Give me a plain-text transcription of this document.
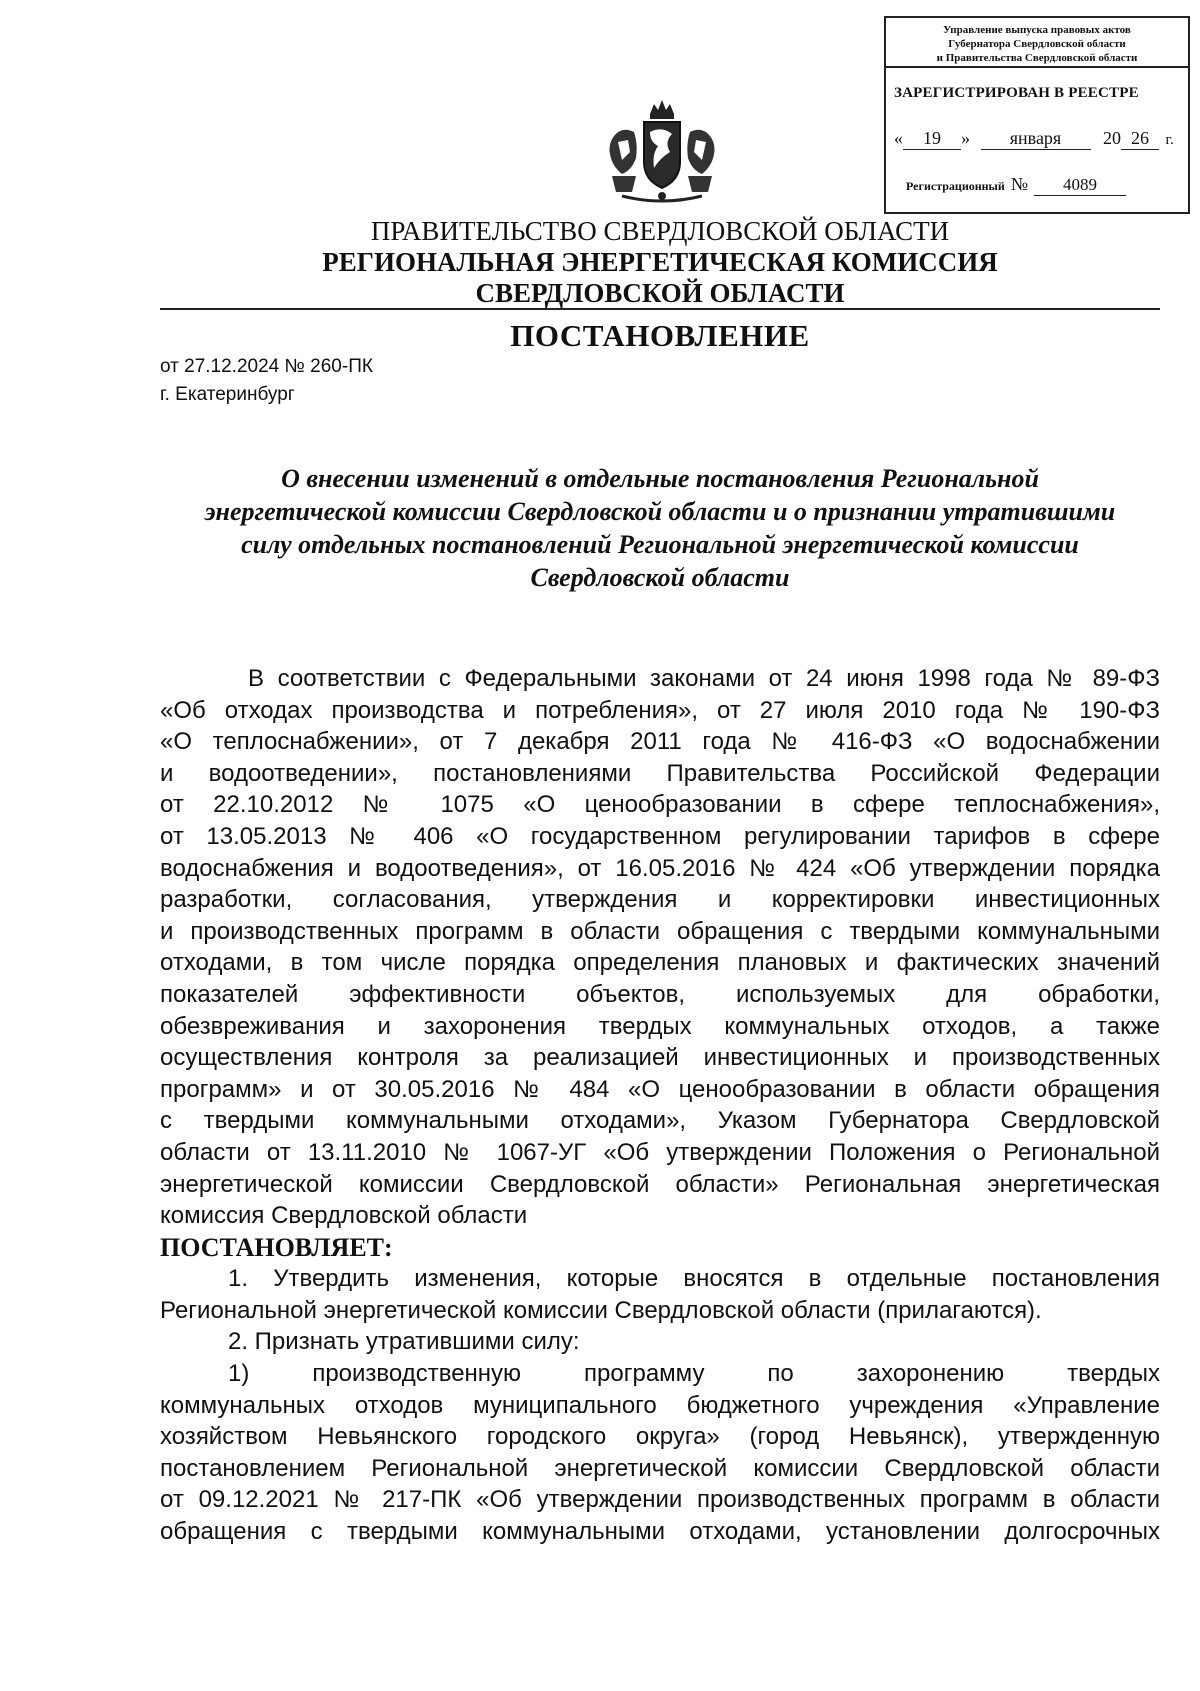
Управление выпуска правовых актов
Губернатора Свердловской области
и Правительства Свердловской области
ЗАРЕГИСТРИРОВАН В РЕЕСТРЕ
« 19 » января 20 26 г.
Регистрационный № 4089
ПРАВИТЕЛЬСТВО СВЕРДЛОВСКОЙ ОБЛАСТИ
РЕГИОНАЛЬНАЯ ЭНЕРГЕТИЧЕСКАЯ КОМИССИЯ
СВЕРДЛОВСКОЙ ОБЛАСТИ
ПОСТАНОВЛЕНИЕ
от 27.12.2024 № 260-ПК
г. Екатеринбург
О внесении изменений в отдельные постановления Региональной
энергетической комиссии Свердловской области и о признании утратившими
силу отдельных постановлений Региональной энергетической комиссии
Свердловской области
В соответствии с Федеральными законами от 24 июня 1998 года № 89-ФЗ
«Об отходах производства и потребления», от 27 июля 2010 года № 190-ФЗ
«О теплоснабжении», от 7 декабря 2011 года № 416-ФЗ «О водоснабжении
и водоотведении», постановлениями Правительства Российской Федерации
от 22.10.2012 № 1075 «О ценообразовании в сфере теплоснабжения»,
от 13.05.2013 № 406 «О государственном регулировании тарифов в сфере
водоснабжения и водоотведения», от 16.05.2016 № 424 «Об утверждении порядка
разработки, согласования, утверждения и корректировки инвестиционных
и производственных программ в области обращения с твердыми коммунальными
отходами, в том числе порядка определения плановых и фактических значений
показателей эффективности объектов, используемых для обработки,
обезвреживания и захоронения твердых коммунальных отходов, а также
осуществления контроля за реализацией инвестиционных и производственных
программ» и от 30.05.2016 № 484 «О ценообразовании в области обращения
с твердыми коммунальными отходами», Указом Губернатора Свердловской
области от 13.11.2010 № 1067-УГ «Об утверждении Положения о Региональной
энергетической комиссии Свердловской области» Региональная энергетическая
комиссия Свердловской области
ПОСТАНОВЛЯЕТ:
1. Утвердить изменения, которые вносятся в отдельные постановления
Региональной энергетической комиссии Свердловской области (прилагаются).
2. Признать утратившими силу:
1) производственную программу по захоронению твердых
коммунальных отходов муниципального бюджетного учреждения «Управление
хозяйством Невьянского городского округа» (город Невьянск), утвержденную
постановлением Региональной энергетической комиссии Свердловской области
от 09.12.2021 № 217-ПК «Об утверждении производственных программ в области
обращения с твердыми коммунальными отходами, установлении долгосрочных
